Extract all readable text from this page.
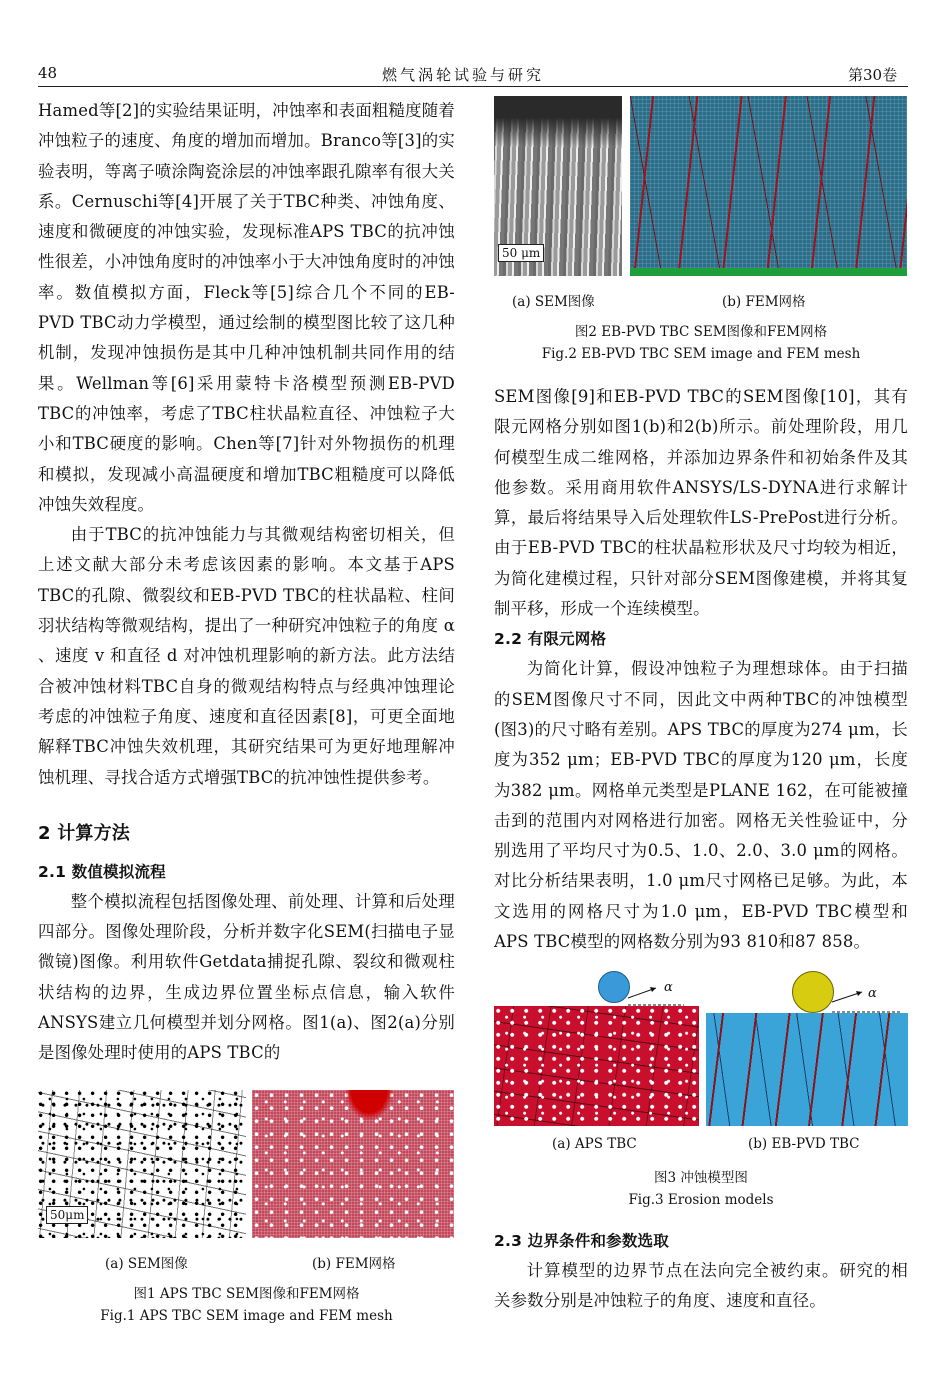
48	燃气涡轮试验与研究	第30卷

Hamed等[2]的实验结果证明，冲蚀率和表面粗糙度随着冲蚀粒子的速度、角度的增加而增加。Branco等[3]的实验表明，等离子喷涂陶瓷涂层的冲蚀率跟孔隙率有很大关系。Cernuschi等[4]开展了关于TBC种类、冲蚀角度、速度和微硬度的冲蚀实验，发现标准APS TBC的抗冲蚀性很差，小冲蚀角度时的冲蚀率小于大冲蚀角度时的冲蚀率。数值模拟方面，Fleck等[5]综合几个不同的EB-PVD TBC动力学模型，通过绘制的模型图比较了这几种机制，发现冲蚀损伤是其中几种冲蚀机制共同作用的结果。Wellman等[6]采用蒙特卡洛模型预测EB-PVD TBC的冲蚀率，考虑了TBC柱状晶粒直径、冲蚀粒子大小和TBC硬度的影响。Chen等[7]针对外物损伤的机理和模拟，发现减小高温硬度和增加TBC粗糙度可以降低冲蚀失效程度。

由于TBC的抗冲蚀能力与其微观结构密切相关，但上述文献大部分未考虑该因素的影响。本文基于APS TBC的孔隙、微裂纹和EB-PVD TBC的柱状晶粒、柱间羽状结构等微观结构，提出了一种研究冲蚀粒子的角度 α 、速度 v 和直径 d 对冲蚀机理影响的新方法。此方法结合被冲蚀材料TBC自身的微观结构特点与经典冲蚀理论考虑的冲蚀粒子角度、速度和直径因素[8]，可更全面地解释TBC冲蚀失效机理，其研究结果可为更好地理解冲蚀机理、寻找合适方式增强TBC的抗冲蚀性提供参考。

2 计算方法

2.1 数值模拟流程

整个模拟流程包括图像处理、前处理、计算和后处理四部分。图像处理阶段，分析并数字化SEM(扫描电子显微镜)图像。利用软件Getdata捕捉孔隙、裂纹和微观柱状结构的边界，生成边界位置坐标点信息，输入软件ANSYS建立几何模型并划分网格。图1(a)、图2(a)分别是图像处理时使用的APS TBC的

50μm
(a) SEM图像	(b) FEM网格
图1 APS TBC SEM图像和FEM网格
Fig.1 APS TBC SEM image and FEM mesh
50 μm
(a) SEM图像	(b) FEM网格
图2 EB-PVD TBC SEM图像和FEM网格
Fig.2 EB-PVD TBC SEM image and FEM mesh

SEM图像[9]和EB-PVD TBC的SEM图像[10]，其有限元网格分别如图1(b)和2(b)所示。前处理阶段，用几何模型生成二维网格，并添加边界条件和初始条件及其他参数。采用商用软件ANSYS/LS-DYNA进行求解计算，最后将结果导入后处理软件LS-PrePost进行分析。由于EB-PVD TBC的柱状晶粒形状及尺寸均较为相近，为简化建模过程，只针对部分SEM图像建模，并将其复制平移，形成一个连续模型。

2.2 有限元网格

为简化计算，假设冲蚀粒子为理想球体。由于扫描的SEM图像尺寸不同，因此文中两种TBC的冲蚀模型(图3)的尺寸略有差别。APS TBC的厚度为274 μm，长度为352 μm；EB-PVD TBC的厚度为120 μm，长度为382 μm。网格单元类型是PLANE 162，在可能被撞击到的范围内对网格进行加密。网格无关性验证中，分别选用了平均尺寸为0.5、1.0、2.0、3.0 μm的网格。对比分析结果表明，1.0 μm尺寸网格已足够。为此，本文选用的网格尺寸为1.0 μm，EB-PVD TBC模型和APS TBC模型的网格数分别为93 810和87 858。

α	α
(a) APS TBC	(b) EB-PVD TBC
图3 冲蚀模型图
Fig.3 Erosion models

2.3 边界条件和参数选取

计算模型的边界节点在法向完全被约束。研究的相关参数分别是冲蚀粒子的角度、速度和直径。
